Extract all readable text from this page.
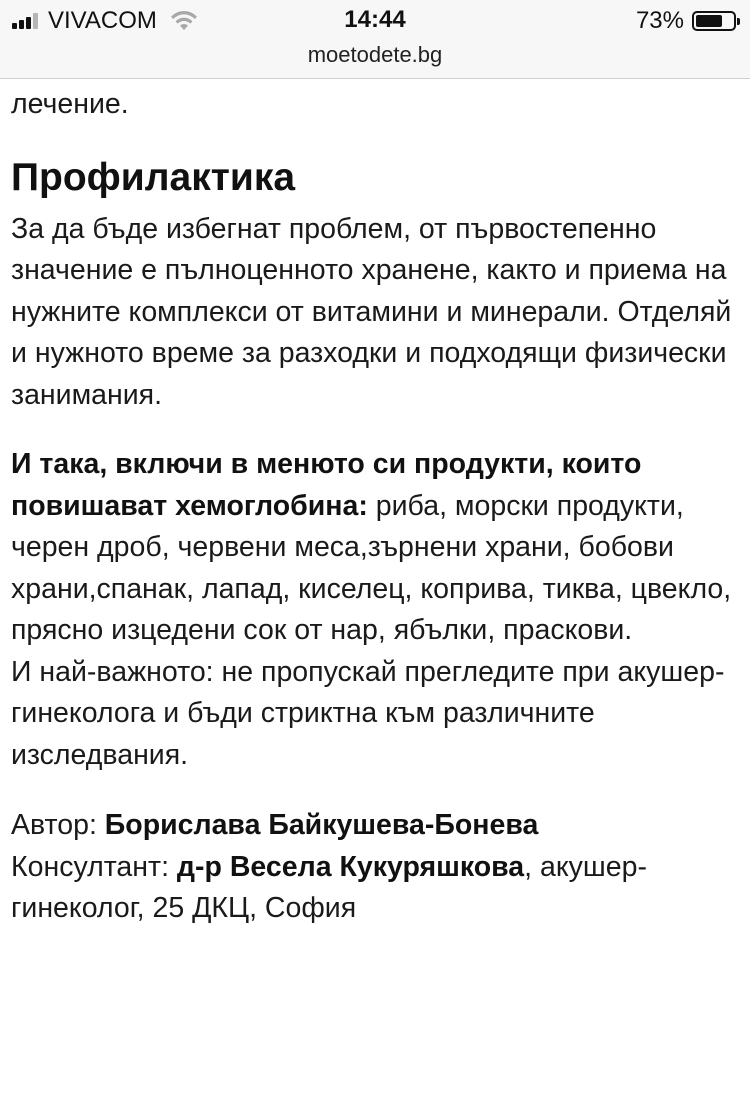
VIVACOM	14:44	73%
moetodete.bg

лечение.

Профилактика

За да бъде избегнат проблем, от първостепенно значение е пълноценното хранене, както и приема на нужните комплекси от витамини и минерали. Отделяй и нужното време за разходки и подходящи физически занимания.

И така, включи в менюто си продукти, които повишават хемоглобина: риба, морски продукти, черен дроб, червени меса,зърнени храни, бобови храни,спанак, лапад, киселец, коприва, тиква, цвекло, прясно изцедени сок от нар, ябълки, праскови.

И най-важното: не пропускай прегледите при акушер-гинеколога и бъди стриктна към различните изследвания.

Автор: Борислава Байкушева-Бонева

Консултант: д-р Весела Кукуряшкова, акушер-гинеколог, 25 ДКЦ, София
